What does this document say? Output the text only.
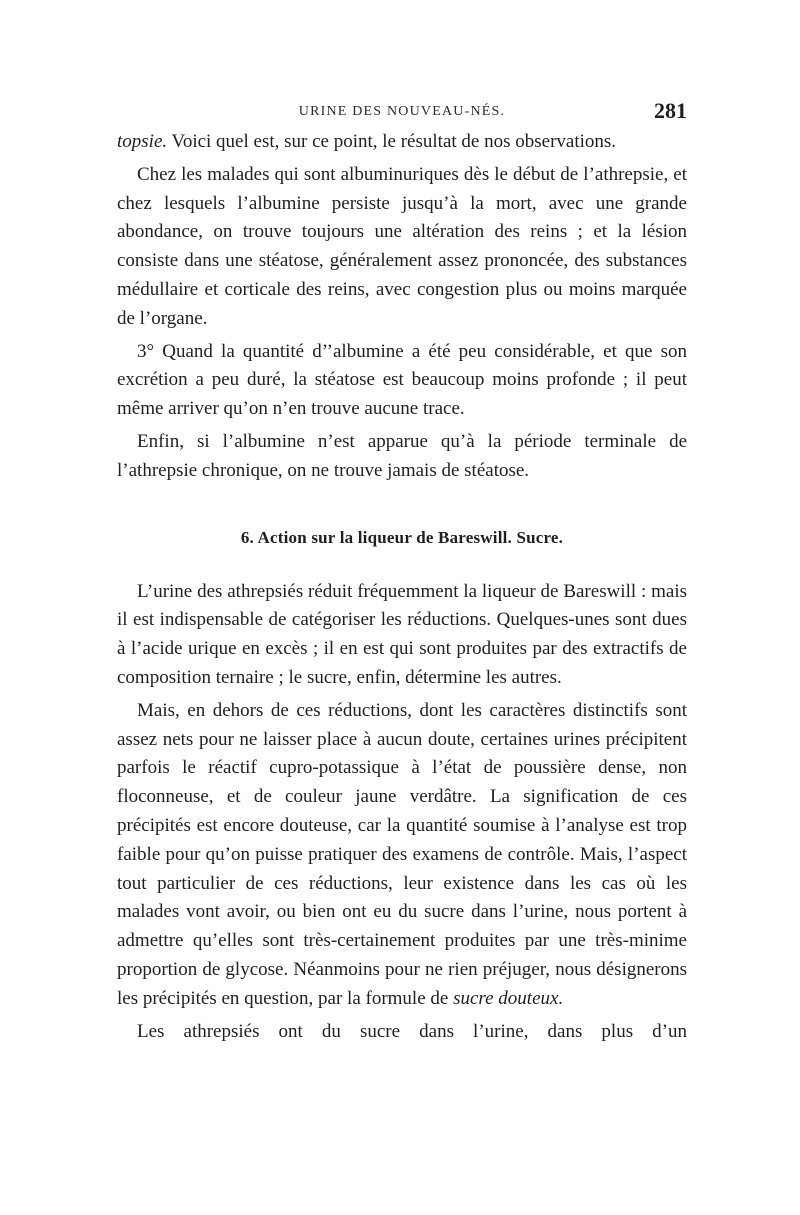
URINE DES NOUVEAU-NÉS.	281

topsie. Voici quel est, sur ce point, le résultat de nos observations.

Chez les malades qui sont albuminuriques dès le début de l’athrepsie, et chez lesquels l’albumine persiste jusqu’à la mort, avec une grande abondance, on trouve toujours une altération des reins ; et la lésion consiste dans une stéatose, généralement assez prononcée, des substances médullaire et corticale des reins, avec congestion plus ou moins marquée de l’organe.

3° Quand la quantité d’’albumine a été peu considérable, et que son excrétion a peu duré, la stéatose est beaucoup moins profonde ; il peut même arriver qu’on n’en trouve aucune trace.

Enfin, si l’albumine n’est apparue qu’à la période terminale de l’athrepsie chronique, on ne trouve jamais de stéatose.

6. Action sur la liqueur de Bareswill. Sucre.

L’urine des athrepsiés réduit fréquemment la liqueur de Bareswill : mais il est indispensable de catégoriser les réductions. Quelques-unes sont dues à l’acide urique en excès ; il en est qui sont produites par des extractifs de composition ternaire ; le sucre, enfin, détermine les autres.

Mais, en dehors de ces réductions, dont les caractères distinctifs sont assez nets pour ne laisser place à aucun doute, certaines urines précipitent parfois le réactif cupro-potassique à l’état de poussière dense, non floconneuse, et de couleur jaune verdâtre. La signification de ces précipités est encore douteuse, car la quantité soumise à l’analyse est trop faible pour qu’on puisse pratiquer des examens de contrôle. Mais, l’aspect tout particulier de ces réductions, leur existence dans les cas où les malades vont avoir, ou bien ont eu du sucre dans l’urine, nous portent à admettre qu’elles sont très-certainement produites par une très-minime proportion de glycose. Néanmoins pour ne rien préjuger, nous désignerons les précipités en question, par la formule de sucre douteux.

Les athrepsiés ont du sucre dans l’urine, dans plus d’un
